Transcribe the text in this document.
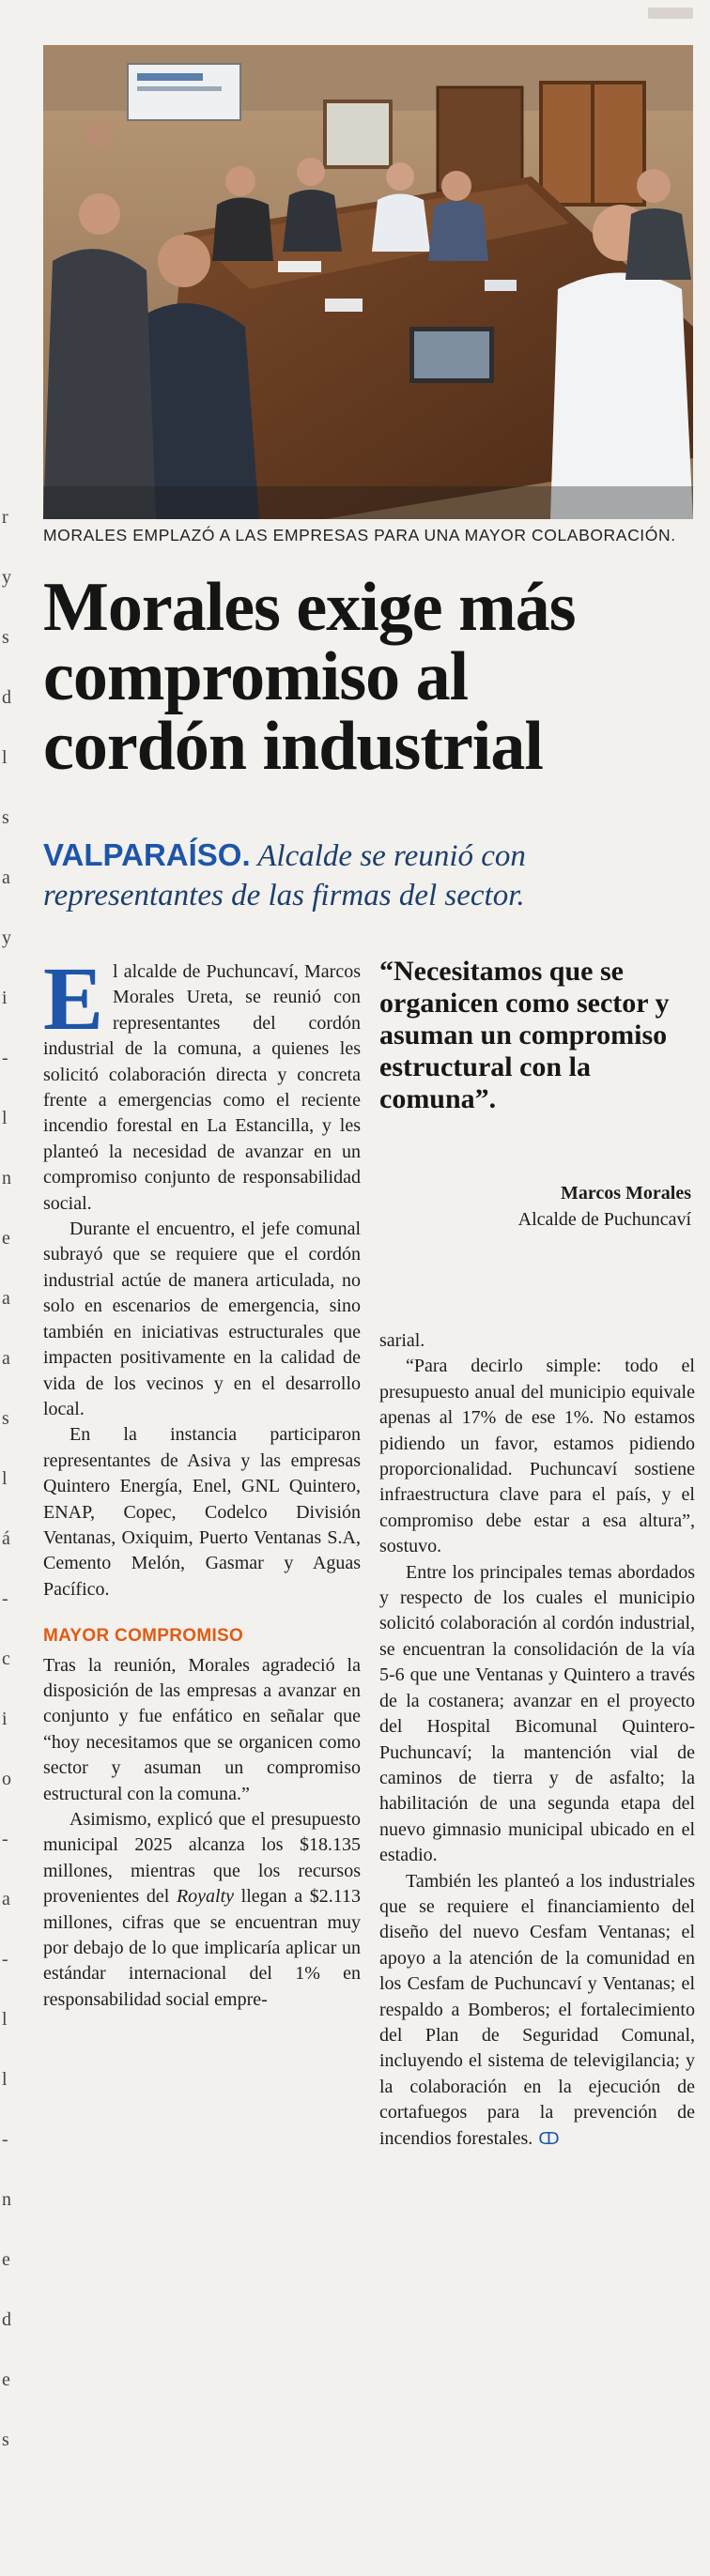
r
y
s
d
l
s
a
y
i
-
l
n
e
a
a
s
l
á
-
c
i
o
-
a
-
l
l
-
n
e
d
e
s
MORALES EMPLAZÓ A LAS EMPRESAS PARA UNA MAYOR COLABORACIÓN.
Morales exige más
compromiso al
cordón industrial
VALPARAÍSO. Alcalde se reunió con representantes de las firmas del sector.

El alcalde de Puchuncaví, Marcos Morales Ureta, se reunió con representantes del cordón industrial de la comuna, a quienes les solicitó colaboración directa y concreta frente a emergencias como el reciente incendio forestal en La Estancilla, y les planteó la necesidad de avanzar en un compromiso conjunto de responsabilidad social.

Durante el encuentro, el jefe comunal subrayó que se requiere que el cordón industrial actúe de manera articulada, no solo en escenarios de emergencia, sino también en iniciativas estructurales que impacten positivamente en la calidad de vida de los vecinos y en el desarrollo local.

En la instancia participaron representantes de Asiva y las empresas Quintero Energía, Enel, GNL Quintero, ENAP, Copec, Codelco División Ventanas, Oxiquim, Puerto Ventanas S.A, Cemento Melón, Gasmar y Aguas Pacífico.

MAYOR COMPROMISO

Tras la reunión, Morales agradeció la disposición de las empresas a avanzar en conjunto y fue enfático en señalar que “hoy necesitamos que se organicen como sector y asuman un compromiso estructural con la comuna.”

Asimismo, explicó que el presupuesto municipal 2025 alcanza los $18.135 millones, mientras que los recursos provenientes del Royalty llegan a $2.113 millones, cifras que se encuentran muy por debajo de lo que implicaría aplicar un estándar internacional del 1% en responsabilidad social empre-

“Necesitamos que se organicen como sector y asuman un compromiso estructural con la comuna”.
Marcos Morales
Alcalde de Puchuncaví

sarial.

“Para decirlo simple: todo el presupuesto anual del municipio equivale apenas al 17% de ese 1%. No estamos pidiendo un favor, estamos pidiendo proporcionalidad. Puchuncaví sostiene infraestructura clave para el país, y el compromiso debe estar a esa altura”, sostuvo.

Entre los principales temas abordados y respecto de los cuales el municipio solicitó colaboración al cordón industrial, se encuentran la consolidación de la vía 5-6 que une Ventanas y Quintero a través de la costanera; avanzar en el proyecto del Hospital Bicomunal Quintero-Puchuncaví; la mantención vial de caminos de tierra y de asfalto; la habilitación de una segunda etapa del nuevo gimnasio municipal ubicado en el estadio.

También les planteó a los industriales que se requiere el financiamiento del diseño del nuevo Cesfam Ventanas; el apoyo a la atención de la comunidad en los Cesfam de Puchuncaví y Ventanas; el respaldo a Bomberos; el fortalecimiento del Plan de Seguridad Comunal, incluyendo el sistema de televigilancia; y la colaboración en la ejecución de cortafuegos para la prevención de incendios forestales. ↀ
